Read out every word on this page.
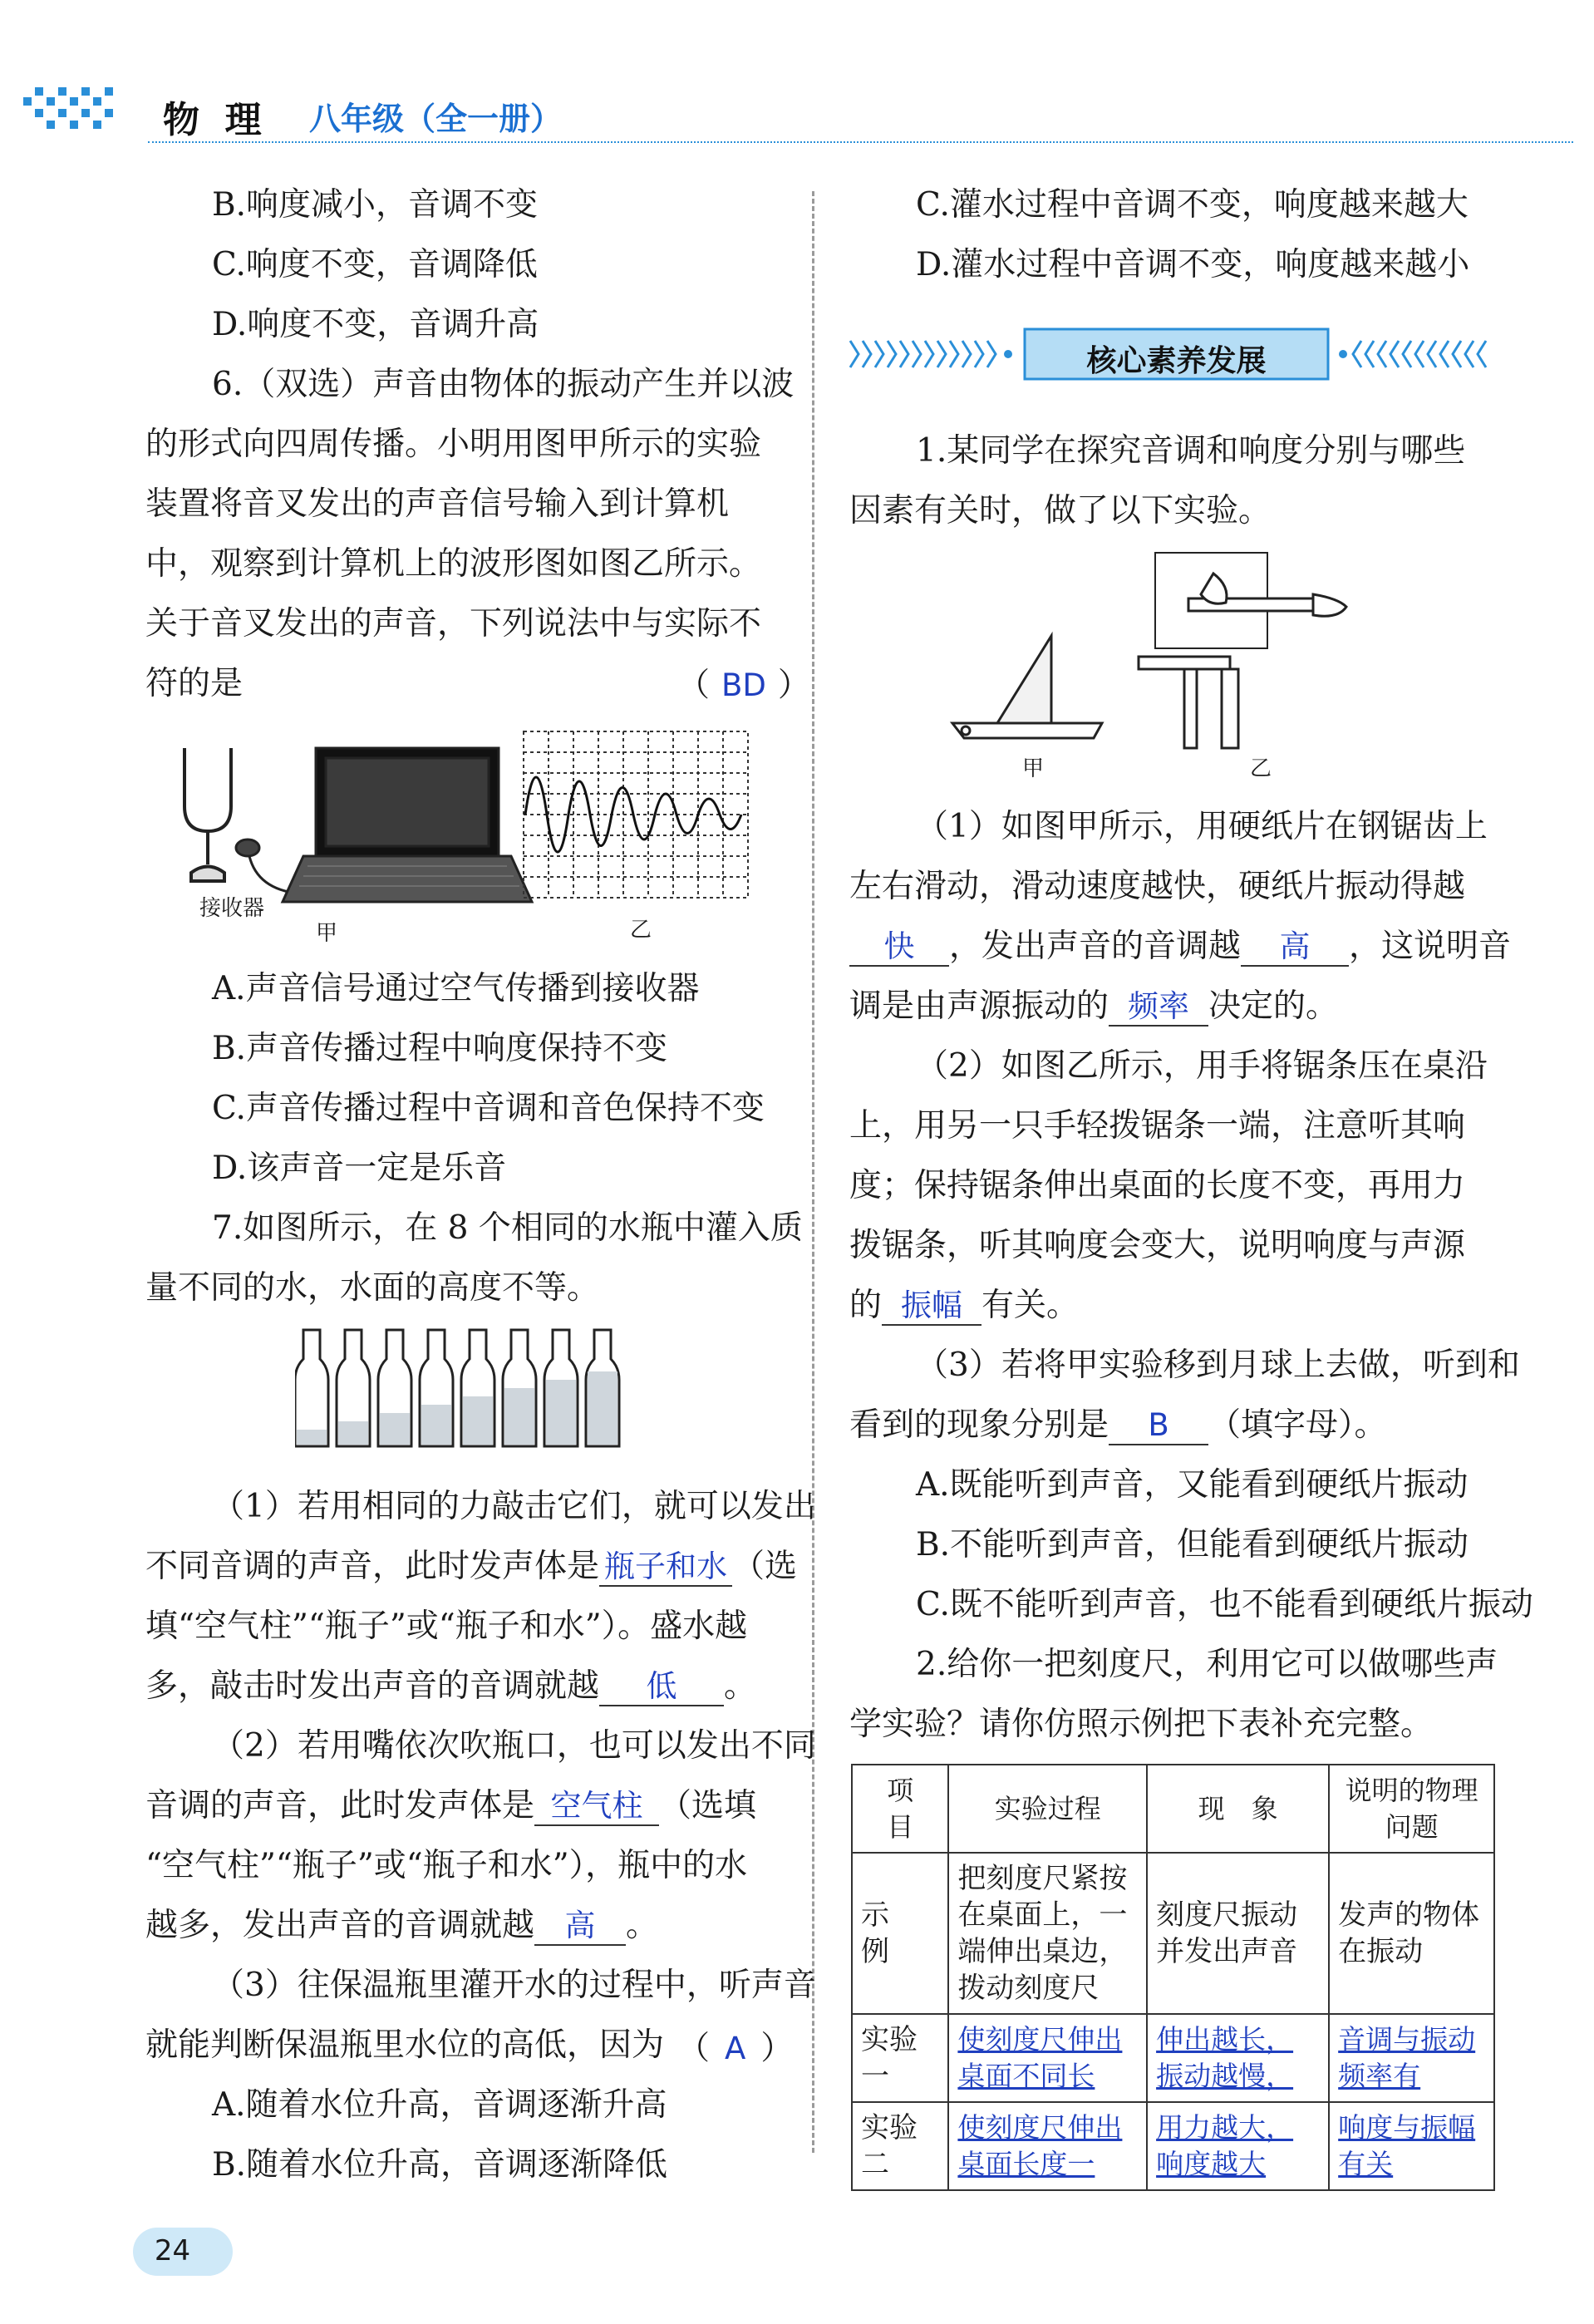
物  理 八年级（全一册）
B.响度减小，音调不变
C.响度不变，音调降低
D.响度不变，音调升高
6.（双选）声音由物体的振动产生并以波
的形式向四周传播。小明用图甲所示的实验
装置将音叉发出的声音信号输入到计算机
中，观察到计算机上的波形图如图乙所示。
关于音叉发出的声音，下列说法中与实际不
符的是	（ BD ）
接收器
甲	乙
A.声音信号通过空气传播到接收器
B.声音传播过程中响度保持不变
C.声音传播过程中音调和音色保持不变
D.该声音一定是乐音
7.如图所示，在 8 个相同的水瓶中灌入质
量不同的水，水面的高度不等。
（1）若用相同的力敲击它们，就可以发出
不同音调的声音，此时发声体是 瓶子和水 （选
填“空气柱”“瓶子”或“瓶子和水”）。盛水越
多，敲击时发出声音的音调就越 低 。
（2）若用嘴依次吹瓶口，也可以发出不同
音调的声音，此时发声体是 空气柱 （选填
“空气柱”“瓶子”或“瓶子和水”），瓶中的水
越多，发出声音的音调就越 高 。
（3）往保温瓶里灌开水的过程中，听声音
就能判断保温瓶里水位的高低，因为 （ A ）
A.随着水位升高，音调逐渐升高
B.随着水位升高，音调逐渐降低
C.灌水过程中音调不变，响度越来越大
D.灌水过程中音调不变，响度越来越小
核心素养发展
1.某同学在探究音调和响度分别与哪些
因素有关时，做了以下实验。
甲	乙
（1）如图甲所示，用硬纸片在钢锯齿上
左右滑动，滑动速度越快，硬纸片振动得越
快 ，发出声音的音调越 高 ，这说明音
调是由声源振动的 频率 决定的。
（2）如图乙所示，用手将锯条压在桌沿
上，用另一只手轻拨锯条一端，注意听其响
度；保持锯条伸出桌面的长度不变，再用力
拨锯条，听其响度会变大，说明响度与声源
的 振幅 有关。
（3）若将甲实验移到月球上去做，听到和
看到的现象分别是 B （填字母）。
A.既能听到声音，又能看到硬纸片振动
B.不能听到声音，但能看到硬纸片振动
C.既不能听到声音，也不能看到硬纸片振动
2.给你一把刻度尺，利用它可以做哪些声
学实验？请你仿照示例把下表补充完整。
项　目	实验过程	现　象	说明的物理问题
示　例	把刻度尺紧按在桌面上，一端伸出桌边，拨动刻度尺	刻度尺振动并发出声音	发声的物体在振动
实验一	使刻度尺伸出桌面不同长	伸出越长，振动越慢，	音调与振动频率有
实验二	使刻度尺伸出桌面长度一	用力越大，响度越大	响度与振幅有关
24
